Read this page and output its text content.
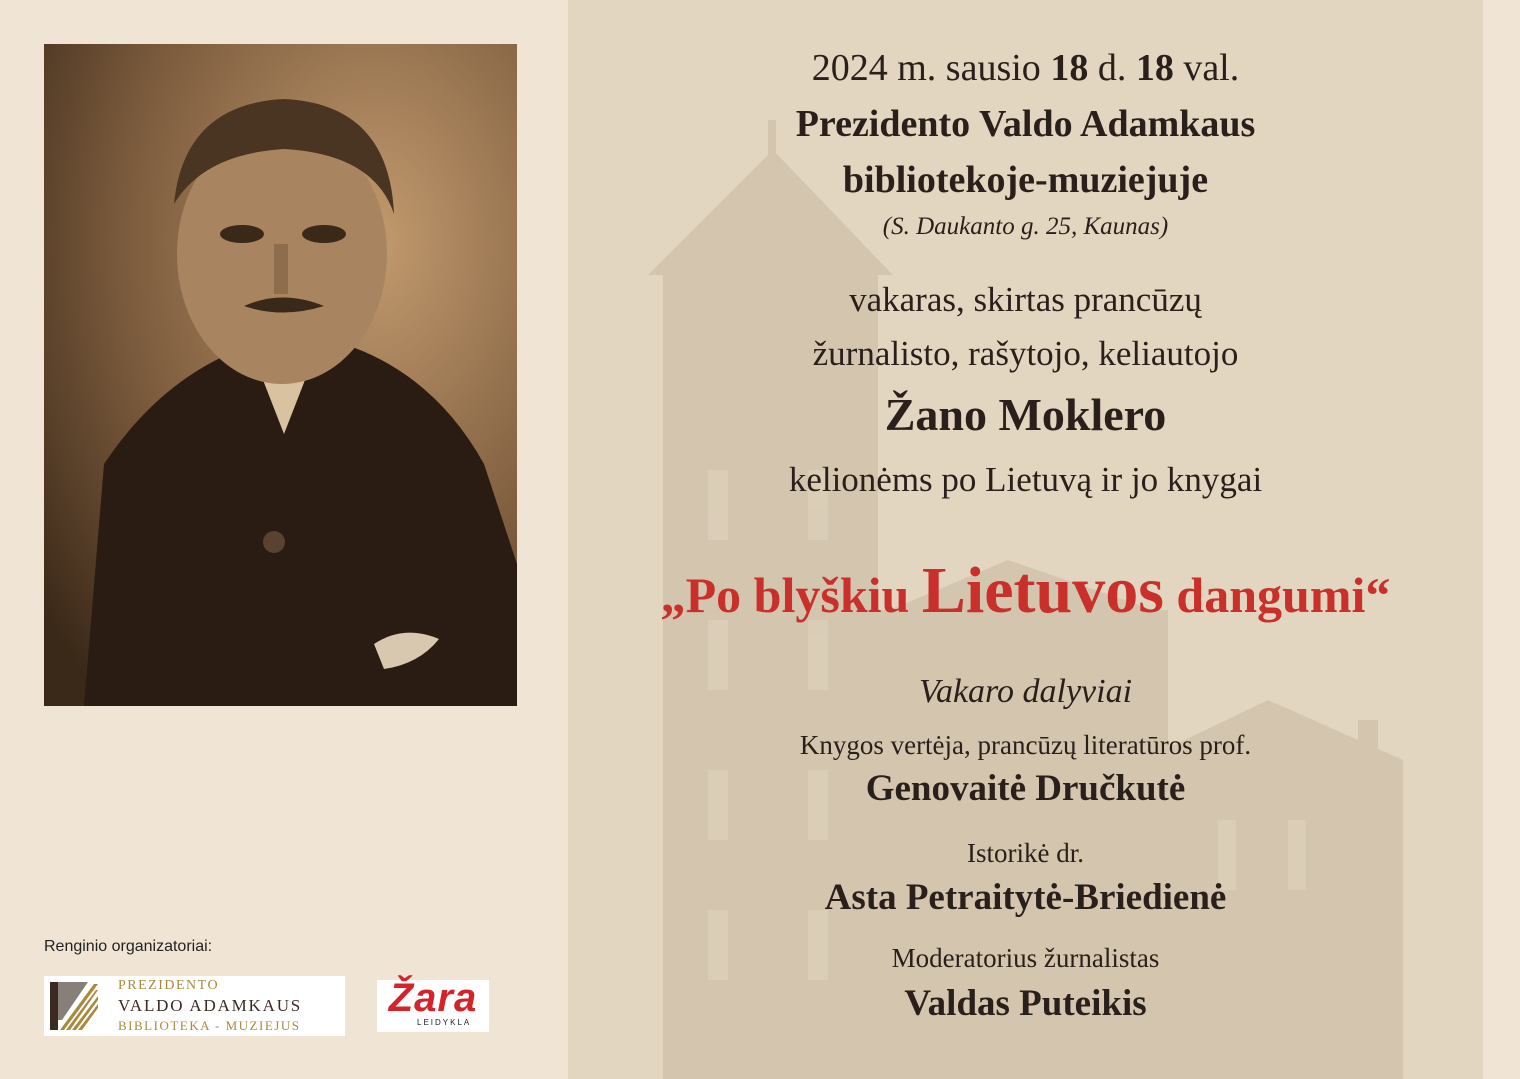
2024 m. sausio 18 d. 18 val.
Prezidento Valdo Adamkaus
bibliotekoje-muziejuje
(S. Daukanto g. 25, Kaunas)
vakaras, skirtas prancūzų
žurnalisto, rašytojo, keliautojo
Žano Moklero
kelionėms po Lietuvą ir jo knygai
„Po blyškiu Lietuvos dangumi“
Vakaro dalyviai
Knygos vertėja, prancūzų literatūros prof.
Genovaitė Dručkutė
Istorikė dr.
Asta Petraitytė-Briedienė
Moderatorius žurnalistas
Valdas Puteikis
Renginio organizatoriai:
PREZIDENTO
VALDO ADAMKAUS
BIBLIOTEKA - MUZIEJUS
Žara
LEIDYKLA
